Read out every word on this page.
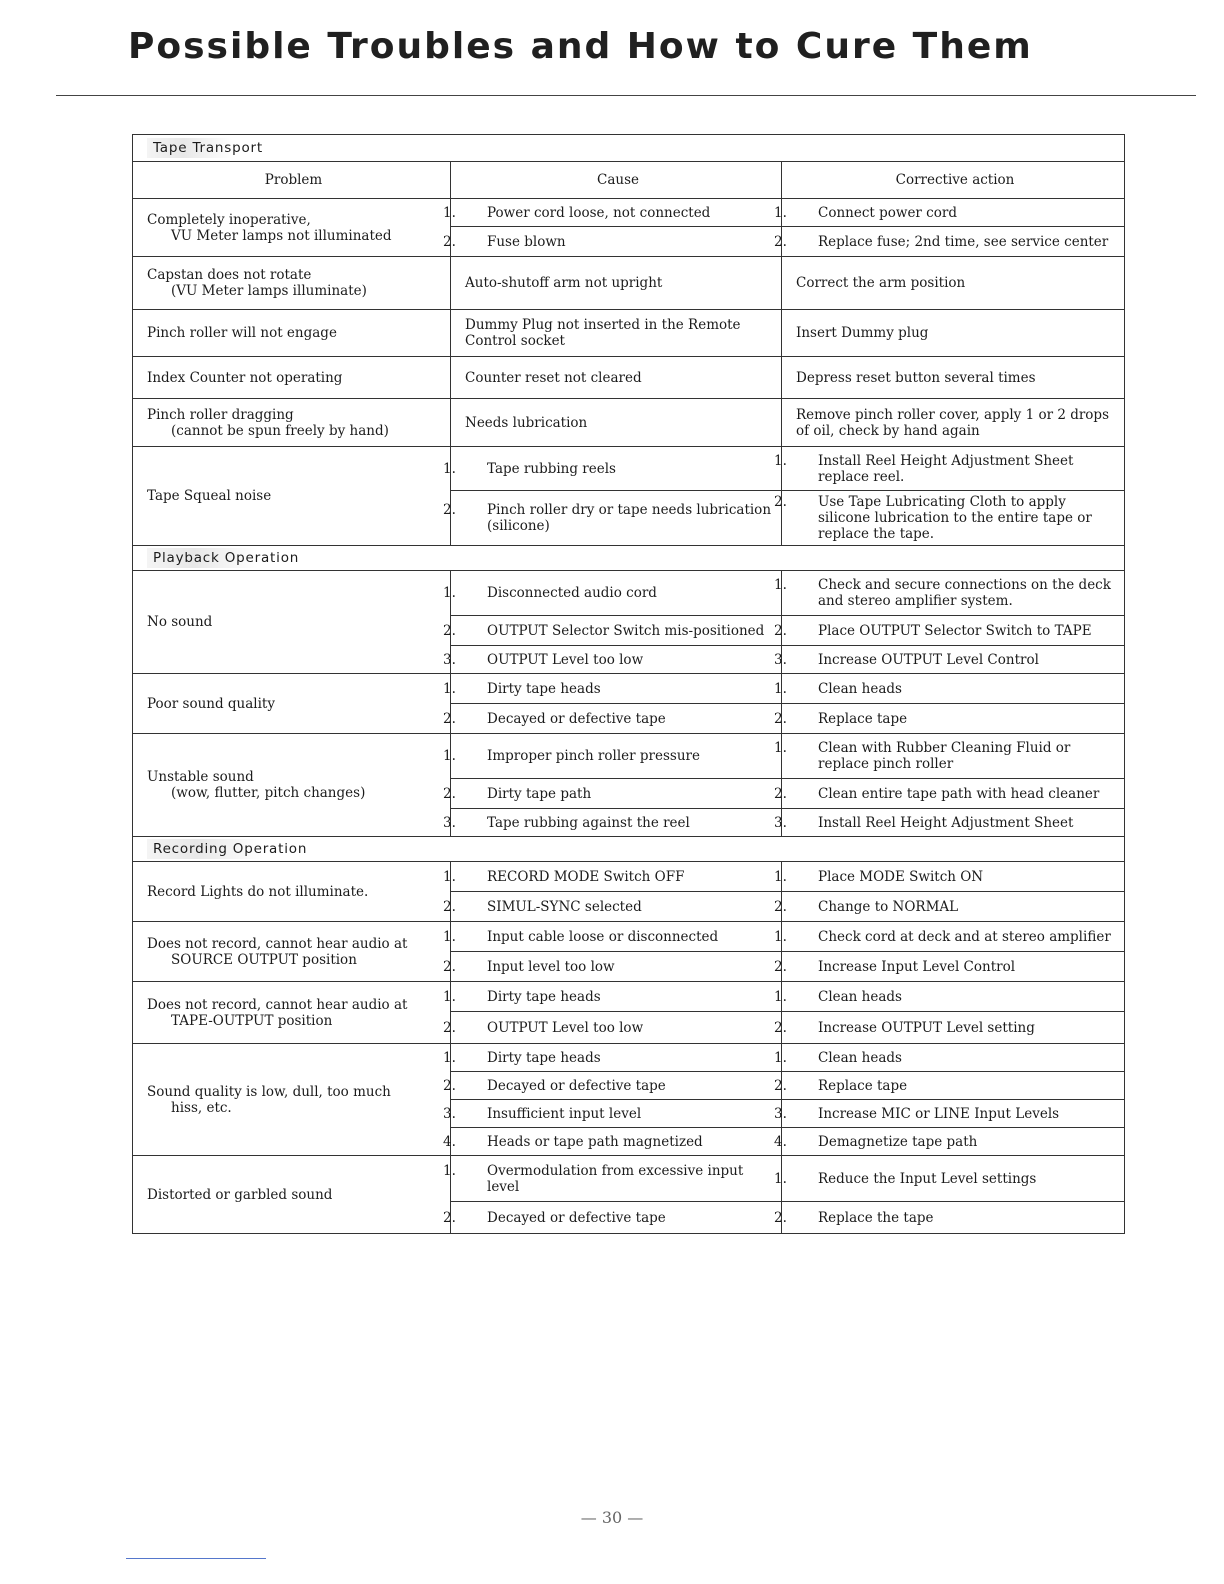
Possible Troubles and How to Cure Them
Tape Transport		
Problem	Cause	Corrective action

Completely inoperative,
VU Meter lamps not illuminated	1. Power cord loose, not connected	1. Connect power cord

	2. Fuse blown	2. Replace fuse; 2nd time, see service center

Capstan does not rotate
(VU Meter lamps illuminate)	Auto-shutoff arm not upright	Correct the arm position

Pinch roller will not engage	Dummy Plug not inserted in the Remote Control socket	Insert Dummy plug

Index Counter not operating	Counter reset not cleared	Depress reset button several times

Pinch roller dragging
(cannot be spun freely by hand)	Needs lubrication	Remove pinch roller cover, apply 1 or 2 drops of oil, check by hand again

Tape Squeal noise	1. Tape rubbing reels	1. Install Reel Height Adjustment Sheet replace reel.

	2. Pinch roller dry or tape needs lubrication (silicone)	2. Use Tape Lubricating Cloth to apply silicone lubrication to the entire tape or replace the tape.

Playback Operation		

No sound	1. Disconnected audio cord	1. Check and secure connections on the deck and stereo amplifier system.

	2. OUTPUT Selector Switch mis-positioned	2. Place OUTPUT Selector Switch to TAPE

	3. OUTPUT Level too low	3. Increase OUTPUT Level Control

Poor sound quality	1. Dirty tape heads	1. Clean heads

	2. Decayed or defective tape	2. Replace tape

Unstable sound
(wow, flutter, pitch changes)	1. Improper pinch roller pressure	1. Clean with Rubber Cleaning Fluid or replace pinch roller

	2. Dirty tape path	2. Clean entire tape path with head cleaner

	3. Tape rubbing against the reel	3. Install Reel Height Adjustment Sheet

Recording Operation		

Record Lights do not illuminate.	1. RECORD MODE Switch OFF	1. Place MODE Switch ON

	2. SIMUL-SYNC selected	2. Change to NORMAL

Does not record, cannot hear audio at
SOURCE OUTPUT position	1. Input cable loose or disconnected	1. Check cord at deck and at stereo amplifier

	2. Input level too low	2. Increase Input Level Control

Does not record, cannot hear audio at
TAPE-OUTPUT position	1. Dirty tape heads	1. Clean heads

	2. OUTPUT Level too low	2. Increase OUTPUT Level setting

Sound quality is low, dull, too much
hiss, etc.	1. Dirty tape heads	1. Clean heads

	2. Decayed or defective tape	2. Replace tape

	3. Insufficient input level	3. Increase MIC or LINE Input Levels

	4. Heads or tape path magnetized	4. Demagnetize tape path

Distorted or garbled sound	1. Overmodulation from excessive input level	1. Reduce the Input Level settings

	2. Decayed or defective tape	2. Replace the tape
— 30 —
